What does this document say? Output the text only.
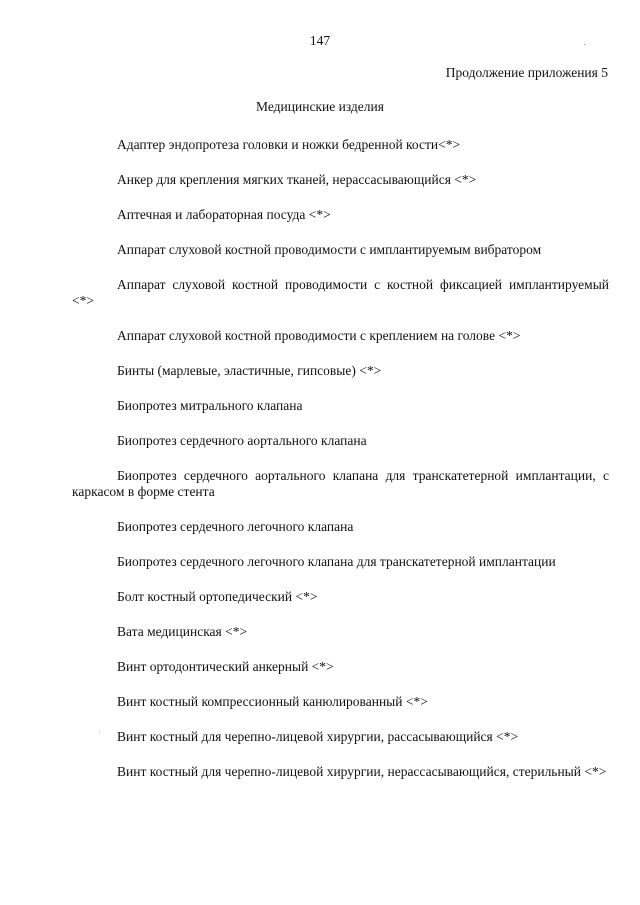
147
Продолжение приложения 5
Медицинские изделия

Адаптер эндопротеза головки и ножки бедренной кости<*>

Анкер для крепления мягких тканей, нерассасывающийся <*>

Аптечная и лабораторная посуда <*>

Аппарат слуховой костной проводимости с имплантируемым вибратором

Аппарат слуховой костной проводимости с костной фиксацией имплантируемый <*>

Аппарат слуховой костной проводимости с креплением на голове <*>

Бинты (марлевые, эластичные, гипсовые) <*>

Биопротез митрального клапана

Биопротез сердечного аортального клапана

Биопротез сердечного аортального клапана для транскатетерной имплантации, с каркасом в форме стента

Биопротез сердечного легочного клапана

Биопротез сердечного легочного клапана для транскатетерной имплантации

Болт костный ортопедический <*>

Вата медицинская <*>

Винт ортодонтический анкерный <*>

Винт костный компрессионный канюлированный <*>

Винт костный для черепно-лицевой хирургии, рассасывающийся <*>

Винт костный для черепно-лицевой хирургии, нерассасывающийся, стерильный <*>
